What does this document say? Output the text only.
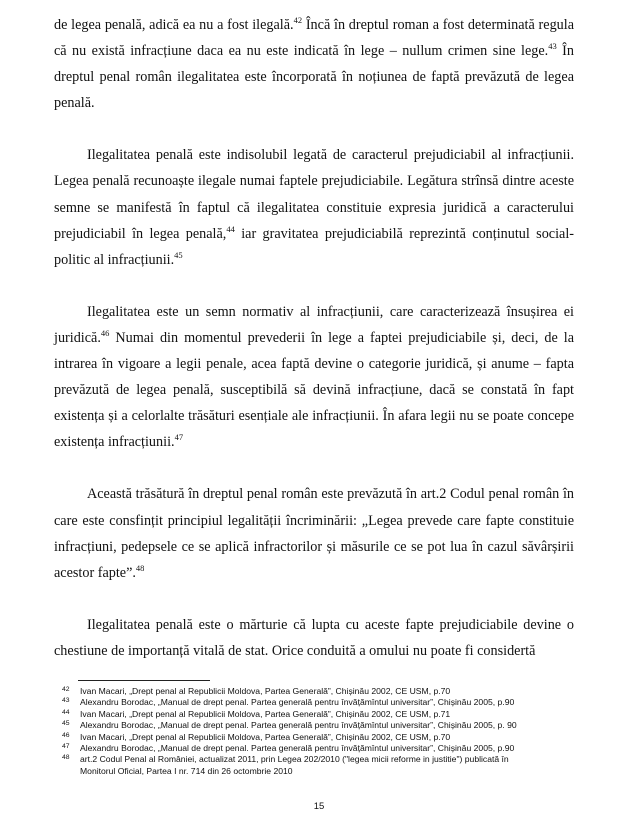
de legea penală, adică ea nu a fost ilegală.$^{42}$ Încă în dreptul roman a fost determinată regula că nu există infracțiune daca ea nu este indicată în lege – nullum crimen sine lege.$^{43}$ În dreptul penal român ilegalitatea este încorporată în noțiunea de faptă prevăzută de legea penală.

Ilegalitatea penală este indisolubil legată de caracterul prejudiciabil al infracțiunii. Legea penală recunoaște ilegale numai faptele prejudiciabile. Legătura strînsă dintre aceste semne se manifestă în faptul că ilegalitatea constituie expresia juridică a caracterului prejudiciabil în legea penală,$^{44}$ iar gravitatea prejudiciabilă reprezintă conținutul social-politic al infracțiunii.$^{45}$

Ilegalitatea este un semn normativ al infracțiunii, care caracterizează însușirea ei juridică.$^{46}$ Numai din momentul prevederii în lege a faptei prejudiciabile și, deci, de la intrarea în vigoare a legii penale, acea faptă devine o categorie juridică, și anume – fapta prevăzută de legea penală, susceptibilă să devină infracțiune, dacă se constată în fapt existența și a celorlalte trăsături esențiale ale infracțiunii. În afara legii nu se poate concepe existența infracțiunii.$^{47}$

Această trăsătură în dreptul penal român este prevăzută în art.2 Codul penal român în care este consfințit principiul legalității încriminării: „Legea prevede care fapte constituie infracțiuni, pedepsele ce se aplică infractorilor și măsurile ce se pot lua în cazul săvârșirii acestor fapte”.$^{48}$

Ilegalitatea penală este o mărturie că lupta cu aceste fapte prejudiciabile devine o chestiune de importanță vitală de stat. Orice conduită a omului nu poate fi considertă

42	Ivan Macari, „Drept penal al Republicii Moldova, Partea Generală”, Chișinău 2002, CE USM, p.70
43	Alexandru Borodac, „Manual de drept penal. Partea generală pentru învățămîntul universitar”, Chișinău 2005, p.90
44	Ivan Macari, „Drept penal al Republicii Moldova, Partea Generală”, Chișinău 2002, CE USM, p.71
45	Alexandru Borodac, „Manual de drept penal. Partea generală pentru învățămîntul universitar”, Chișinău 2005, p. 90
46	Ivan Macari, „Drept penal al Republicii Moldova, Partea Generală”, Chișinău 2002, CE USM, p.70
47	Alexandru Borodac, „Manual de drept penal. Partea generală pentru învățămîntul universitar”, Chișinău 2005, p.90
48	art.2 Codul Penal al României, actualizat 2011, prin Legea 202/2010 ("legea micii reforme in justitie") publicată în
Monitorul Oficial, Partea I nr. 714 din 26 octombrie 2010
15
